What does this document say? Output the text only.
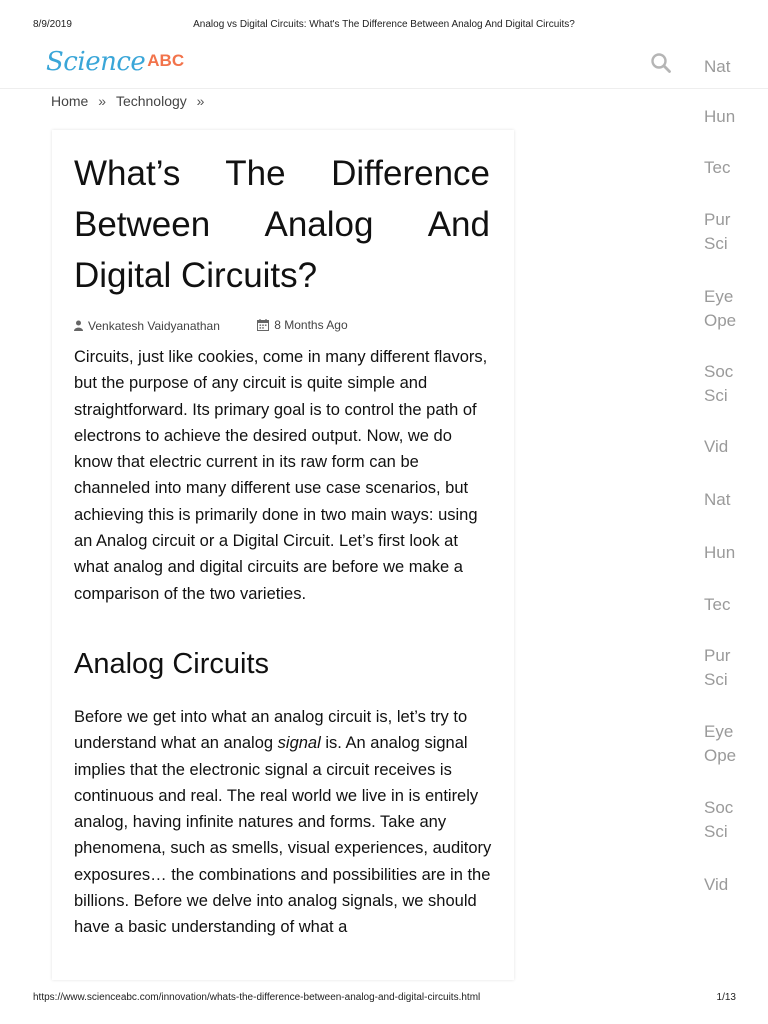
8/9/2019	Analog vs Digital Circuits: What's The Difference Between Analog And Digital Circuits?
Science ABC
Home » Technology »
Nat
Hun
Tec
Pur
Sci
Eye
Ope
Soc
Sci
Vid
Nat
Hun
Tec
Pur
Sci
Eye
Ope
Soc
Sci
Vid
What’s The Difference Between Analog And Digital Circuits?
Venkatesh Vaidyanathan
	8 Months Ago

Circuits, just like cookies, come in many different flavors, but the purpose of any circuit is quite simple and straightforward. Its primary goal is to control the path of electrons to achieve the desired output. Now, we do know that electric current in its raw form can be channeled into many different use case scenarios, but achieving this is primarily done in two main ways: using an Analog circuit or a Digital Circuit. Let’s first look at what analog and digital circuits are before we make a comparison of the two varieties.

Analog Circuits

Before we get into what an analog circuit is, let’s try to understand what an analog signal is. An analog signal implies that the electronic signal a circuit receives is continuous and real. The real world we live in is entirely analog, having infinite natures and forms. Take any phenomena, such as smells, visual experiences, auditory exposures… the combinations and possibilities are in the billions. Before we delve into analog signals, we should have a basic understanding of what a

https://www.scienceabc.com/innovation/whats-the-difference-between-analog-and-digital-circuits.html	1/13
